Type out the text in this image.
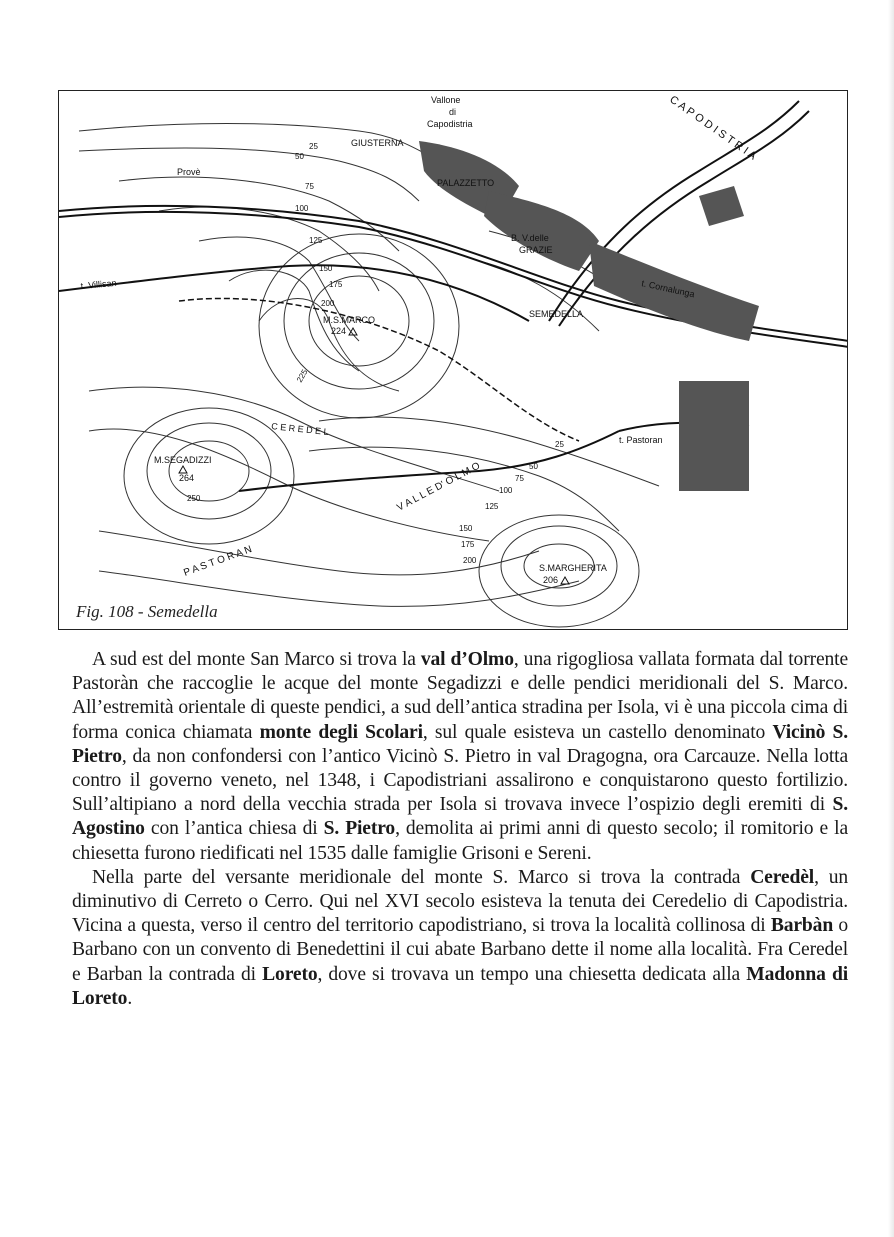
Vallone
di
Capodistria	C A P O D I S T R I A
GIUSTERNA
Provè
PALAZZETTO
B. V.delle
GRAZIE
t. Cornalunga
SEMEDELLA
t. Villisan
M.S.MARCO
224
C E R E D E L
t. Pastoran
M.SEGADIZZI
264	V A L L E D' O L M O
P A S T O R A N	S.MARGHERITA
206
25
50
75
100
125
150
175
200
225
250
25
50
75
100
125
150
175
200
Fig. 108 - Semedella

A sud est del monte San Marco si trova la val d’Olmo, una rigogliosa vallata formata dal torrente Pastoràn che raccoglie le acque del monte Segadizzi e delle pendici meridionali del S. Marco. All’estremità orientale di queste pendici, a sud dell’antica stradina per Isola, vi è una piccola cima di forma conica chiamata monte degli Scolari, sul quale esisteva un castello denominato Vicinò S. Pietro, da non confondersi con l’antico Vicinò S. Pietro in val Dragogna, ora Carcauze. Nella lotta contro il governo veneto, nel 1348, i Capodistriani assalirono e conquistarono questo fortilizio. Sull’altipiano a nord della vecchia strada per Isola si trovava invece l’ospizio degli eremiti di S. Agostino con l’antica chiesa di S. Pietro, demolita ai primi anni di questo secolo; il romitorio e la chiesetta furono riedificati nel 1535 dalle famiglie Grisoni e Sereni.

Nella parte del versante meridionale del monte S. Marco si trova la contrada Ceredèl, un diminutivo di Cerreto o Cerro. Qui nel XVI secolo esisteva la tenuta dei Ceredelio di Capodistria. Vicina a questa, verso il centro del territorio capodistriano, si trova la località collinosa di Barbàn o Barbano con un convento di Benedettini il cui abate Barbano dette il nome alla località. Fra Ceredel e Barban la contrada di Loreto, dove si trovava un tempo una chiesetta dedicata alla Madonna di Loreto.
